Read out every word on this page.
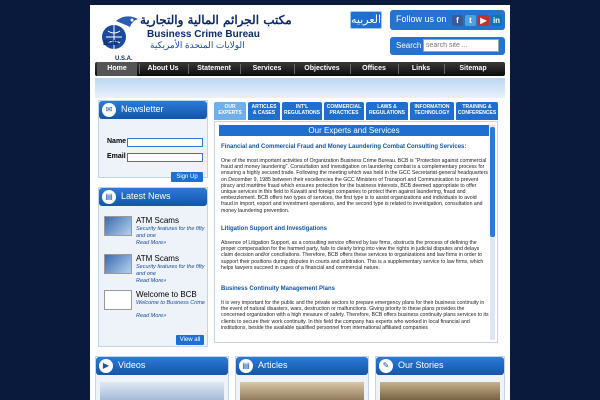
مكتب الجرائم المالية والتجارية
Business Crime Bureau
الولايات المتحدة الأمريكية
BCB
U.S.A.
العربيه Follow us on	f	t	▶ in
Search
search site ...
Home	About Us	Statement	Services	Objectives	Offices	Links	Sitemap
✉ Newsletter
Name
Email
Sign Up
▤ Latest News
ATM Scams
Security features for the fifty and one
Read More»
ATM Scams
Security features for the fifty and one
Read More»
Welcome to BCB
Welcome to Business Crime
Read More»
View all
OUR
EXPERTS
ARTICLES
& CASES
INT'L
REGULATIONS
COMMERCIAL
PRACTICES
LAWS &
REGULATIONS
INFORMATION
TECHNOLOGY
TRAINING &
CONFERENCES
Our Experts and Services
Financial and Commercial Fraud and Money Laundering Combat Consulting Services:
One of the most important activities of Organization Business Crime Bureau. BCB is "Protection against commercial fraud and money laundering". Consultation and investigation on laundering combat is a complementary process for ensuring a highly secured trade. Following the meeting which was held in the GCC Secretariat-general headquarters on December 9, 1985 between their excellencies the GCC Ministers of Transport and Communication to prevent piracy and maritime fraud which ensures protection for the business interests, BCB deemed appropriate to offer unique services in this field to Kuwaiti and foreign companies to protect them against laundering, fraud and embezzlement. BCB offers two types of services, the first type is to assist organizations and individuals to avoid fraud in import, export and investment operations, and the second type is related to investigation, consultation and money laundering prevention.
Litigation Support and Investigations
Absence of Litigation Support, as a consulting service offered by law firms, obstructs the process of defining the proper compensation for the harmed party, fails to clearly bring into view the rights in judicial disputes and delays claim decision and/or conciliations. Therefore, BCB offers these services to organizations and law firms in order to support their positions during disputes in courts and arbitration. This is a supplementary service to law firms, which helps lawyers succeed in cases of a financial and commercial nature.
Business Continuity Management Plans
It is very important for the public and the private sectors to prepare emergency plans for their business continuity in the event of natural disasters, wars, destruction or malfunctions. Giving priority to these plans provides the concerned organization with a high measure of safety. Therefore, BCB offers business continuity plans services to its clients to secure their work continuity. In this field the company has experts who worked in local financial and institutions, beside the available qualified personnel from international affiliated companies
▶ Videos	▤ Articles	✎ Our Stories
